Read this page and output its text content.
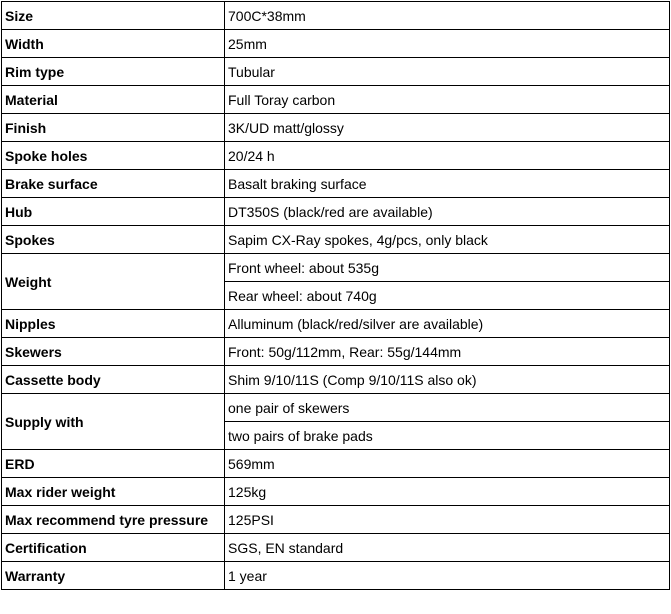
Size	700C*38mm
Width	25mm
Rim type	Tubular
Material	Full Toray carbon
Finish	3K/UD matt/glossy
Spoke holes	20/24 h
Brake surface	Basalt braking surface
Hub	DT350S (black/red are available)
Spokes	Sapim CX-Ray spokes, 4g/pcs, only black
Weight	Front wheel: about 535g
	Rear wheel: about 740g
Nipples	Alluminum (black/red/silver are available)
Skewers	Front: 50g/112mm, Rear: 55g/144mm
Cassette body	Shim 9/10/11S (Comp 9/10/11S also ok)
Supply with	one pair of skewers
	two pairs of brake pads
ERD	569mm
Max rider weight	125kg
Max recommend tyre pressure	125PSI
Certification	SGS, EN standard
Warranty	1 year
